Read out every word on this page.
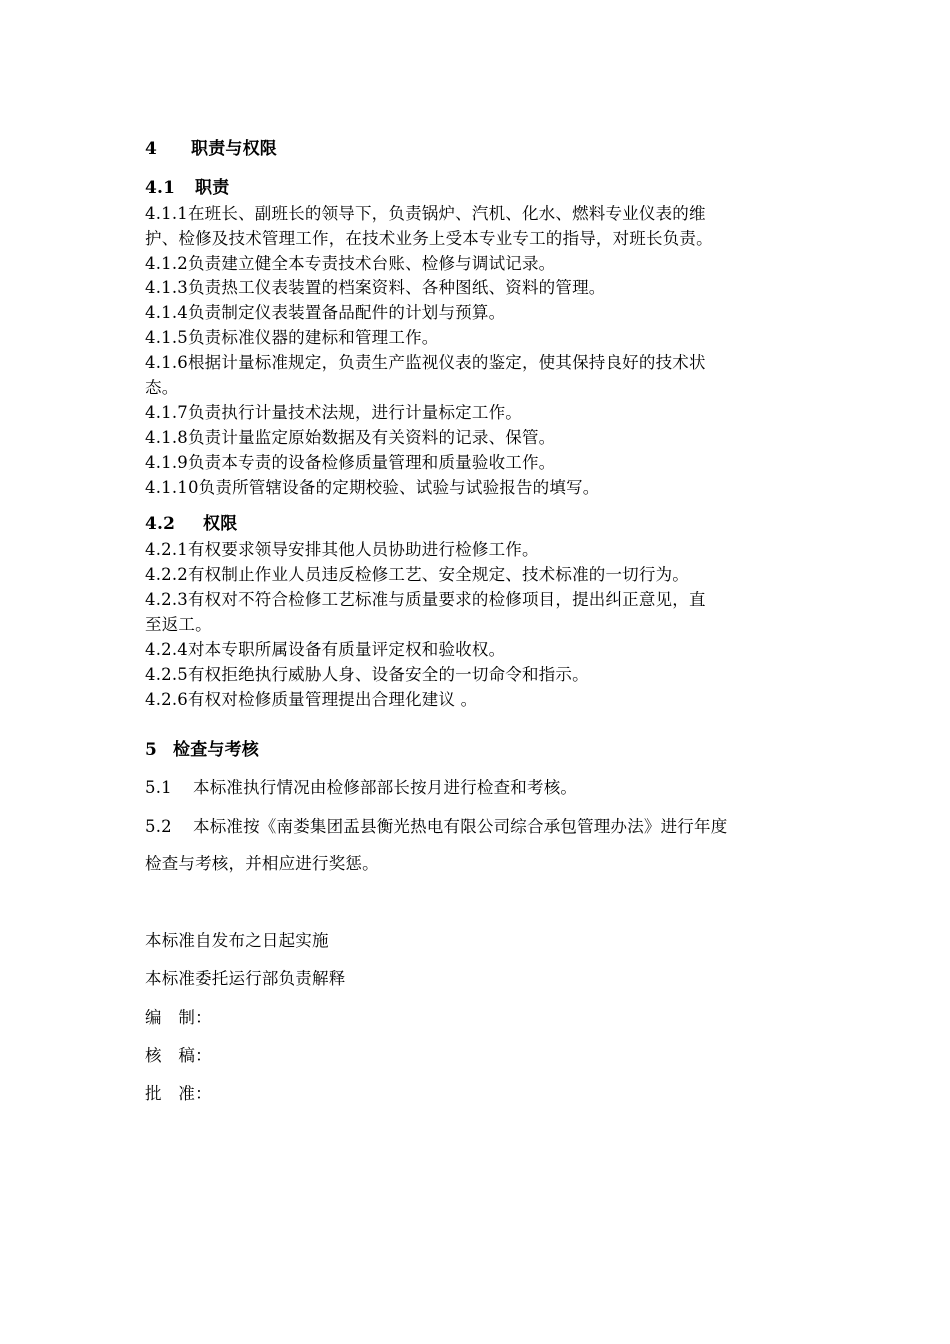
4 职责与权限
4.1 职责
4.1.1在班长、副班长的领导下，负责锅炉、汽机、化水、燃料专业仪表的维
护、检修及技术管理工作，在技术业务上受本专业专工的指导，对班长负责。
4.1.2负责建立健全本专责技术台账、检修与调试记录。
4.1.3负责热工仪表装置的档案资料、各种图纸、资料的管理。
4.1.4负责制定仪表装置备品配件的计划与预算。
4.1.5负责标准仪器的建标和管理工作。
4.1.6根据计量标准规定，负责生产监视仪表的鉴定，使其保持良好的技术状
态。
4.1.7负责执行计量技术法规，进行计量标定工作。
4.1.8负责计量监定原始数据及有关资料的记录、保管。
4.1.9负责本专责的设备检修质量管理和质量验收工作。
4.1.10负责所管辖设备的定期校验、试验与试验报告的填写。
4.2 权限
4.2.1有权要求领导安排其他人员协助进行检修工作。
4.2.2有权制止作业人员违反检修工艺、安全规定、技术标准的一切行为。
4.2.3有权对不符合检修工艺标准与质量要求的检修项目，提出纠正意见，直
至返工。
4.2.4对本专职所属设备有质量评定权和验收权。
4.2.5有权拒绝执行威胁人身、设备安全的一切命令和指示。
4.2.6有权对检修质量管理提出合理化建议 。
5 检查与考核
5.1 本标准执行情况由检修部部长按月进行检查和考核。
5.2 本标准按《南娄集团盂县衡光热电有限公司综合承包管理办法》进行年度
检查与考核，并相应进行奖惩。
本标准自发布之日起实施
本标准委托运行部负责解释
编　制：
核　稿：
批　准：
